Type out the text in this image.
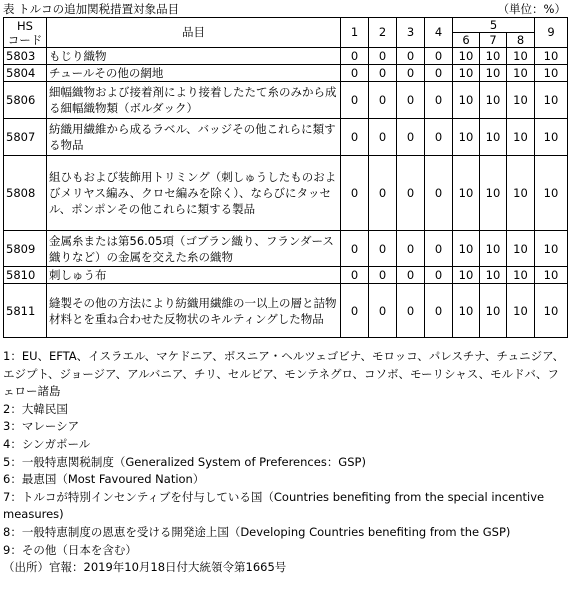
表 トルコの追加関税措置対象品目	（単位：%）
HS
コード	品目	1	2	3	4	5			9
						6	7	8	
5803	もじり織物	0	0	0	0	10	10	10	10
5804	チュールその他の網地	0	0	0	0	10	10	10	10
5806	細幅織物および接着剤により接着したたて糸のみから成る細幅織物類（ボルダック）	0	0	0	0	10	10	10	10
5807	紡織用繊維から成るラベル、バッジその他これらに類する物品	0	0	0	0	10	10	10	10
5808	組ひもおよび装飾用トリミング（刺しゅうしたものおよびメリヤス編み、クロセ編みを除く）、ならびにタッセル、ポンポンその他これらに類する製品	0	0	0	0	10	10	10	10
5809	金属糸または第56.05項（ゴブラン織り、フランダース織りなど）の金属を交えた糸の織物	0	0	0	0	10	10	10	10
5810	刺しゅう布	0	0	0	0	10	10	10	10
5811	縫製その他の方法により紡織用繊維の一以上の層と詰物材料とを重ね合わせた反物状のキルティングした物品	0	0	0	0	10	10	10	10
1：EU、EFTA、イスラエル、マケドニア、ボスニア・ヘルツェゴビナ、モロッコ、パレスチナ、チュニジア、エジプト、ジョージア、アルバニア、チリ、セルビア、モンテネグロ、コソボ、モーリシャス、モルドバ、フェロー諸島
2：大韓民国
3：マレーシア
4：シンガポール
5：一般特恵関税制度（Generalized System of Preferences：GSP)
6：最恵国（Most Favoured Nation）
7：トルコが特別インセンティブを付与している国（Countries benefiting from the special incentive measures)
8：一般特恵制度の恩恵を受ける開発途上国（Developing Countries benefiting from the GSP)
9：その他（日本を含む）
（出所）官報：2019年10月18日付大統領令第1665号
